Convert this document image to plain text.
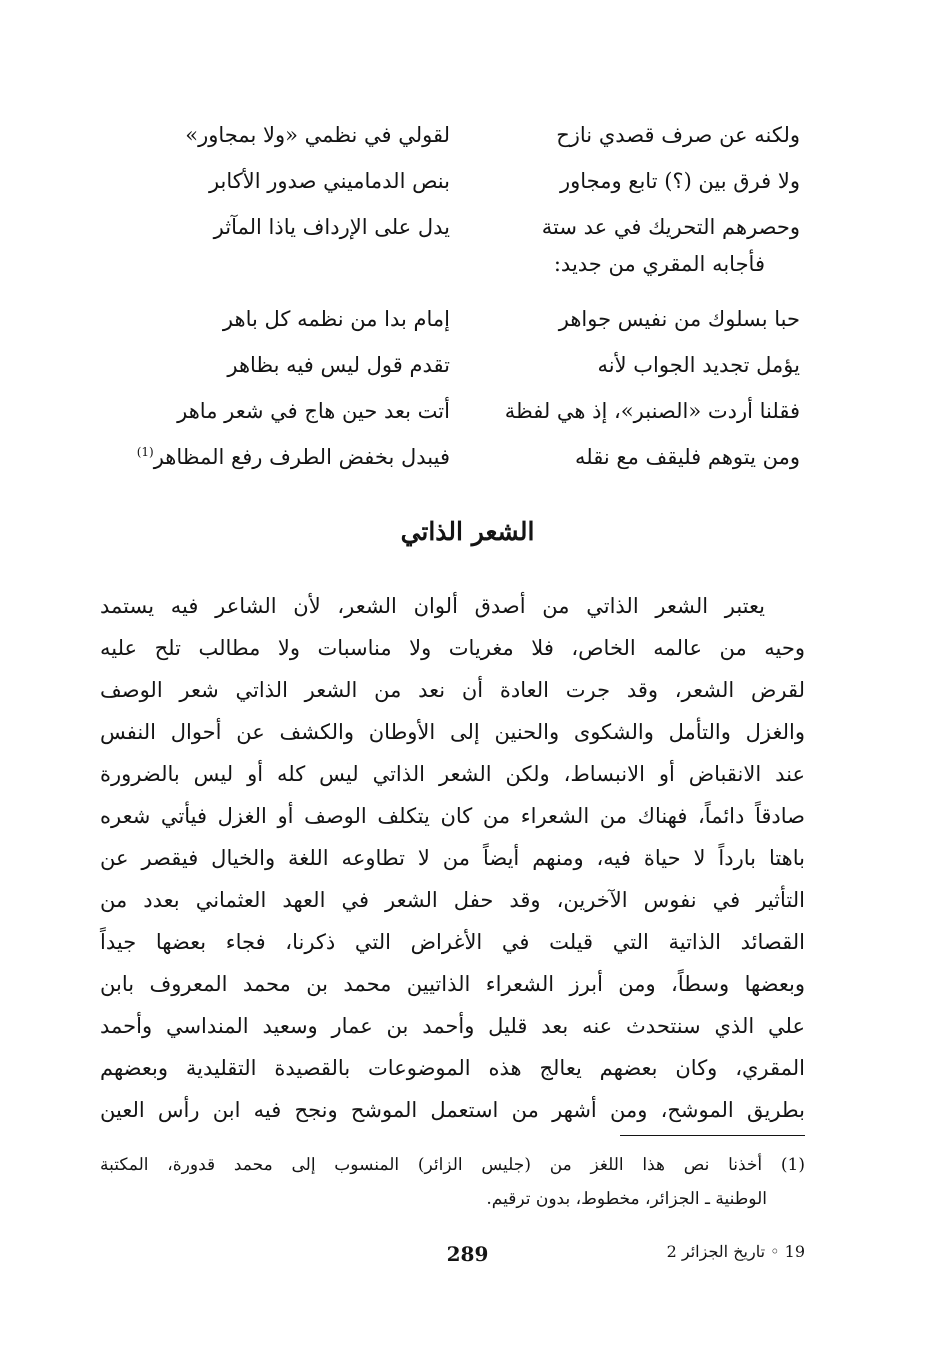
ولكنه عن صرف قصدي نازح
لقولي في نظمي «ولا بمجاور»
ولا فرق بين (؟) تابع ومجاور
بنص الدماميني صدور الأكابر
وحصرهم التحريك في عد ستة
يدل على الإرداف ياذا المآثر
فأجابه المقري من جديد:
حبا بسلوك من نفيس جواهر
إمام بدا من نظمه كل باهر
يؤمل تجديد الجواب لأنه
تقدم قول ليس فيه بظاهر
فقلنا أردت «الصنبر»، إذ هي لفظة
أتت بعد حين هاج في شعر ماهر
ومن يتوهم فليقف مع نقله
فيبدل بخفض الطرف رفع المظاهر$^{(1)}$
الشعر الذاتي
يعتبر الشعر الذاتي من أصدق ألوان الشعر، لأن الشاعر فيه يستمد
وحيه من عالمه الخاص، فلا مغريات ولا مناسبات ولا مطالب تلح عليه
لقرض الشعر، وقد جرت العادة أن نعد من الشعر الذاتي شعر الوصف
والغزل والتأمل والشكوى والحنين إلى الأوطان والكشف عن أحوال النفس
عند الانقباض أو الانبساط، ولكن الشعر الذاتي ليس كله أو ليس بالضرورة
صادقاً دائماً، فهناك من الشعراء من كان يتكلف الوصف أو الغزل فيأتي شعره
باهتا بارداً لا حياة فيه، ومنهم أيضاً من لا تطاوعه اللغة والخيال فيقصر عن
التأثير في نفوس الآخرين، وقد حفل الشعر في العهد العثماني بعدد من
القصائد الذاتية التي قيلت في الأغراض التي ذكرنا، فجاء بعضها جيداً
وبعضها وسطاً، ومن أبرز الشعراء الذاتيين محمد بن محمد المعروف بابن
علي الذي سنتحدث عنه بعد قليل وأحمد بن عمار وسعيد المنداسي وأحمد
المقري، وكان بعضهم يعالج هذه الموضوعات بالقصيدة التقليدية وبعضهم
بطريق الموشح، ومن أشهر من استعمل الموشح ونجح فيه ابن رأس العين
(1) أخذنا نص هذا اللغز من (جليس الزائر) المنسوب إلى محمد قدورة، المكتبة
الوطنية ـ الجزائر، مخطوط، بدون ترقيم.
289	19 ◦ تاريخ الجزائر 2
